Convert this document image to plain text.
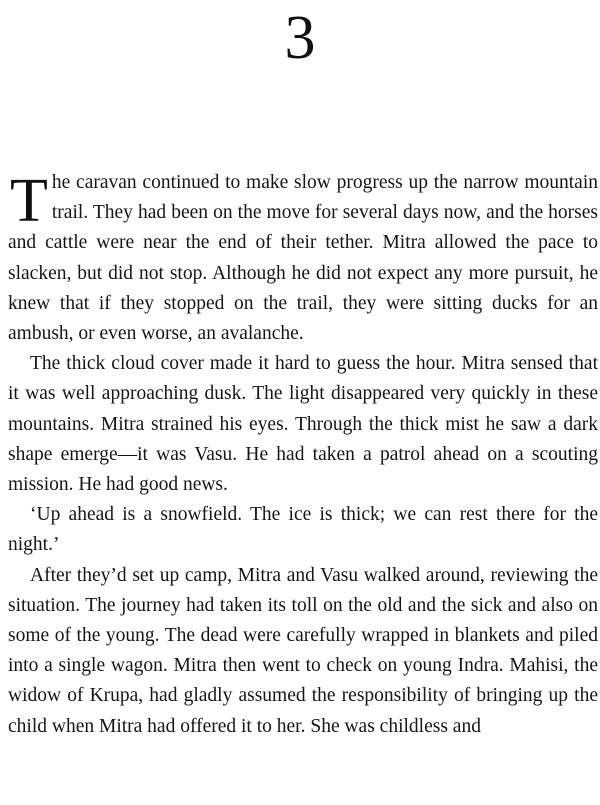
3

The caravan continued to make slow progress up the narrow mountain trail. They had been on the move for several days now, and the horses and cattle were near the end of their tether. Mitra allowed the pace to slacken, but did not stop. Although he did not expect any more pursuit, he knew that if they stopped on the trail, they were sitting ducks for an ambush, or even worse, an avalanche.

The thick cloud cover made it hard to guess the hour. Mitra sensed that it was well approaching dusk. The light disappeared very quickly in these mountains. Mitra strained his eyes. Through the thick mist he saw a dark shape emerge—it was Vasu. He had taken a patrol ahead on a scouting mission. He had good news.

‘Up ahead is a snowfield. The ice is thick; we can rest there for the night.’

After they’d set up camp, Mitra and Vasu walked around, reviewing the situation. The journey had taken its toll on the old and the sick and also on some of the young. The dead were carefully wrapped in blankets and piled into a single wagon. Mitra then went to check on young Indra. Mahisi, the widow of Krupa, had gladly assumed the responsibility of bringing up the child when Mitra had offered it to her. She was childless and
